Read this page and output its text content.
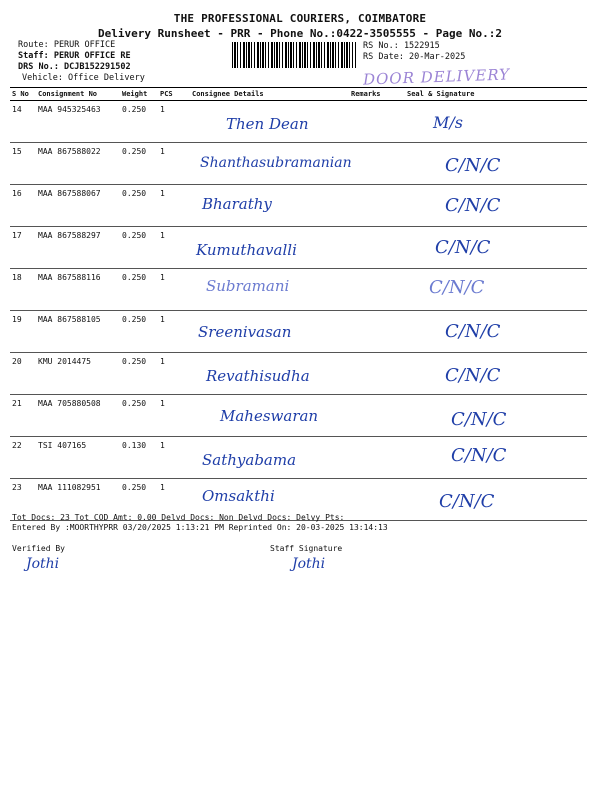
THE PROFESSIONAL COURIERS, COIMBATORE
Delivery Runsheet - PRR - Phone No.:0422-3505555 - Page No.:2
Route: PERUR OFFICE
Staff: PERUR OFFICE RE
DRS No.: DCJB152291502
Vehicle: Office Delivery
RS No.: 1522915
RS Date: 20-Mar-2025
DOOR DELIVERY
S No	Consignment No	Weight	PCS	Consignee Details	Remarks	Seal & Signature
14	MAA 945325463	0.250	1	Then Dean		M/s

15	MAA 867588022	0.250	1	Shanthasubramanian		C/N/C

16	MAA 867588067	0.250	1	Bharathy		C/N/C

17	MAA 867588297	0.250	1	Kumuthavalli		C/N/C

18	MAA 867588116	0.250	1	Subramani		C/N/C

19	MAA 867588105	0.250	1	Sreenivasan		C/N/C

20	KMU 2014475	0.250	1	Revathisudha		C/N/C

21	MAA 705880508	0.250	1	Maheswaran		C/N/C

22	TSI 407165	0.130	1	Sathyabama		C/N/C

23	MAA 111082951	0.250	1	Omsakthi		C/N/C
Tot Docs: 23 Tot COD Amt: 0.00 Delvd Docs: Non Delvd Docs: Delvy Pts:
Entered By :MOORTHYPRR 03/20/2025 1:13:21 PM Reprinted On: 20-03-2025 13:14:13
Verified By
Jothi
Staff Signature
Jothi
